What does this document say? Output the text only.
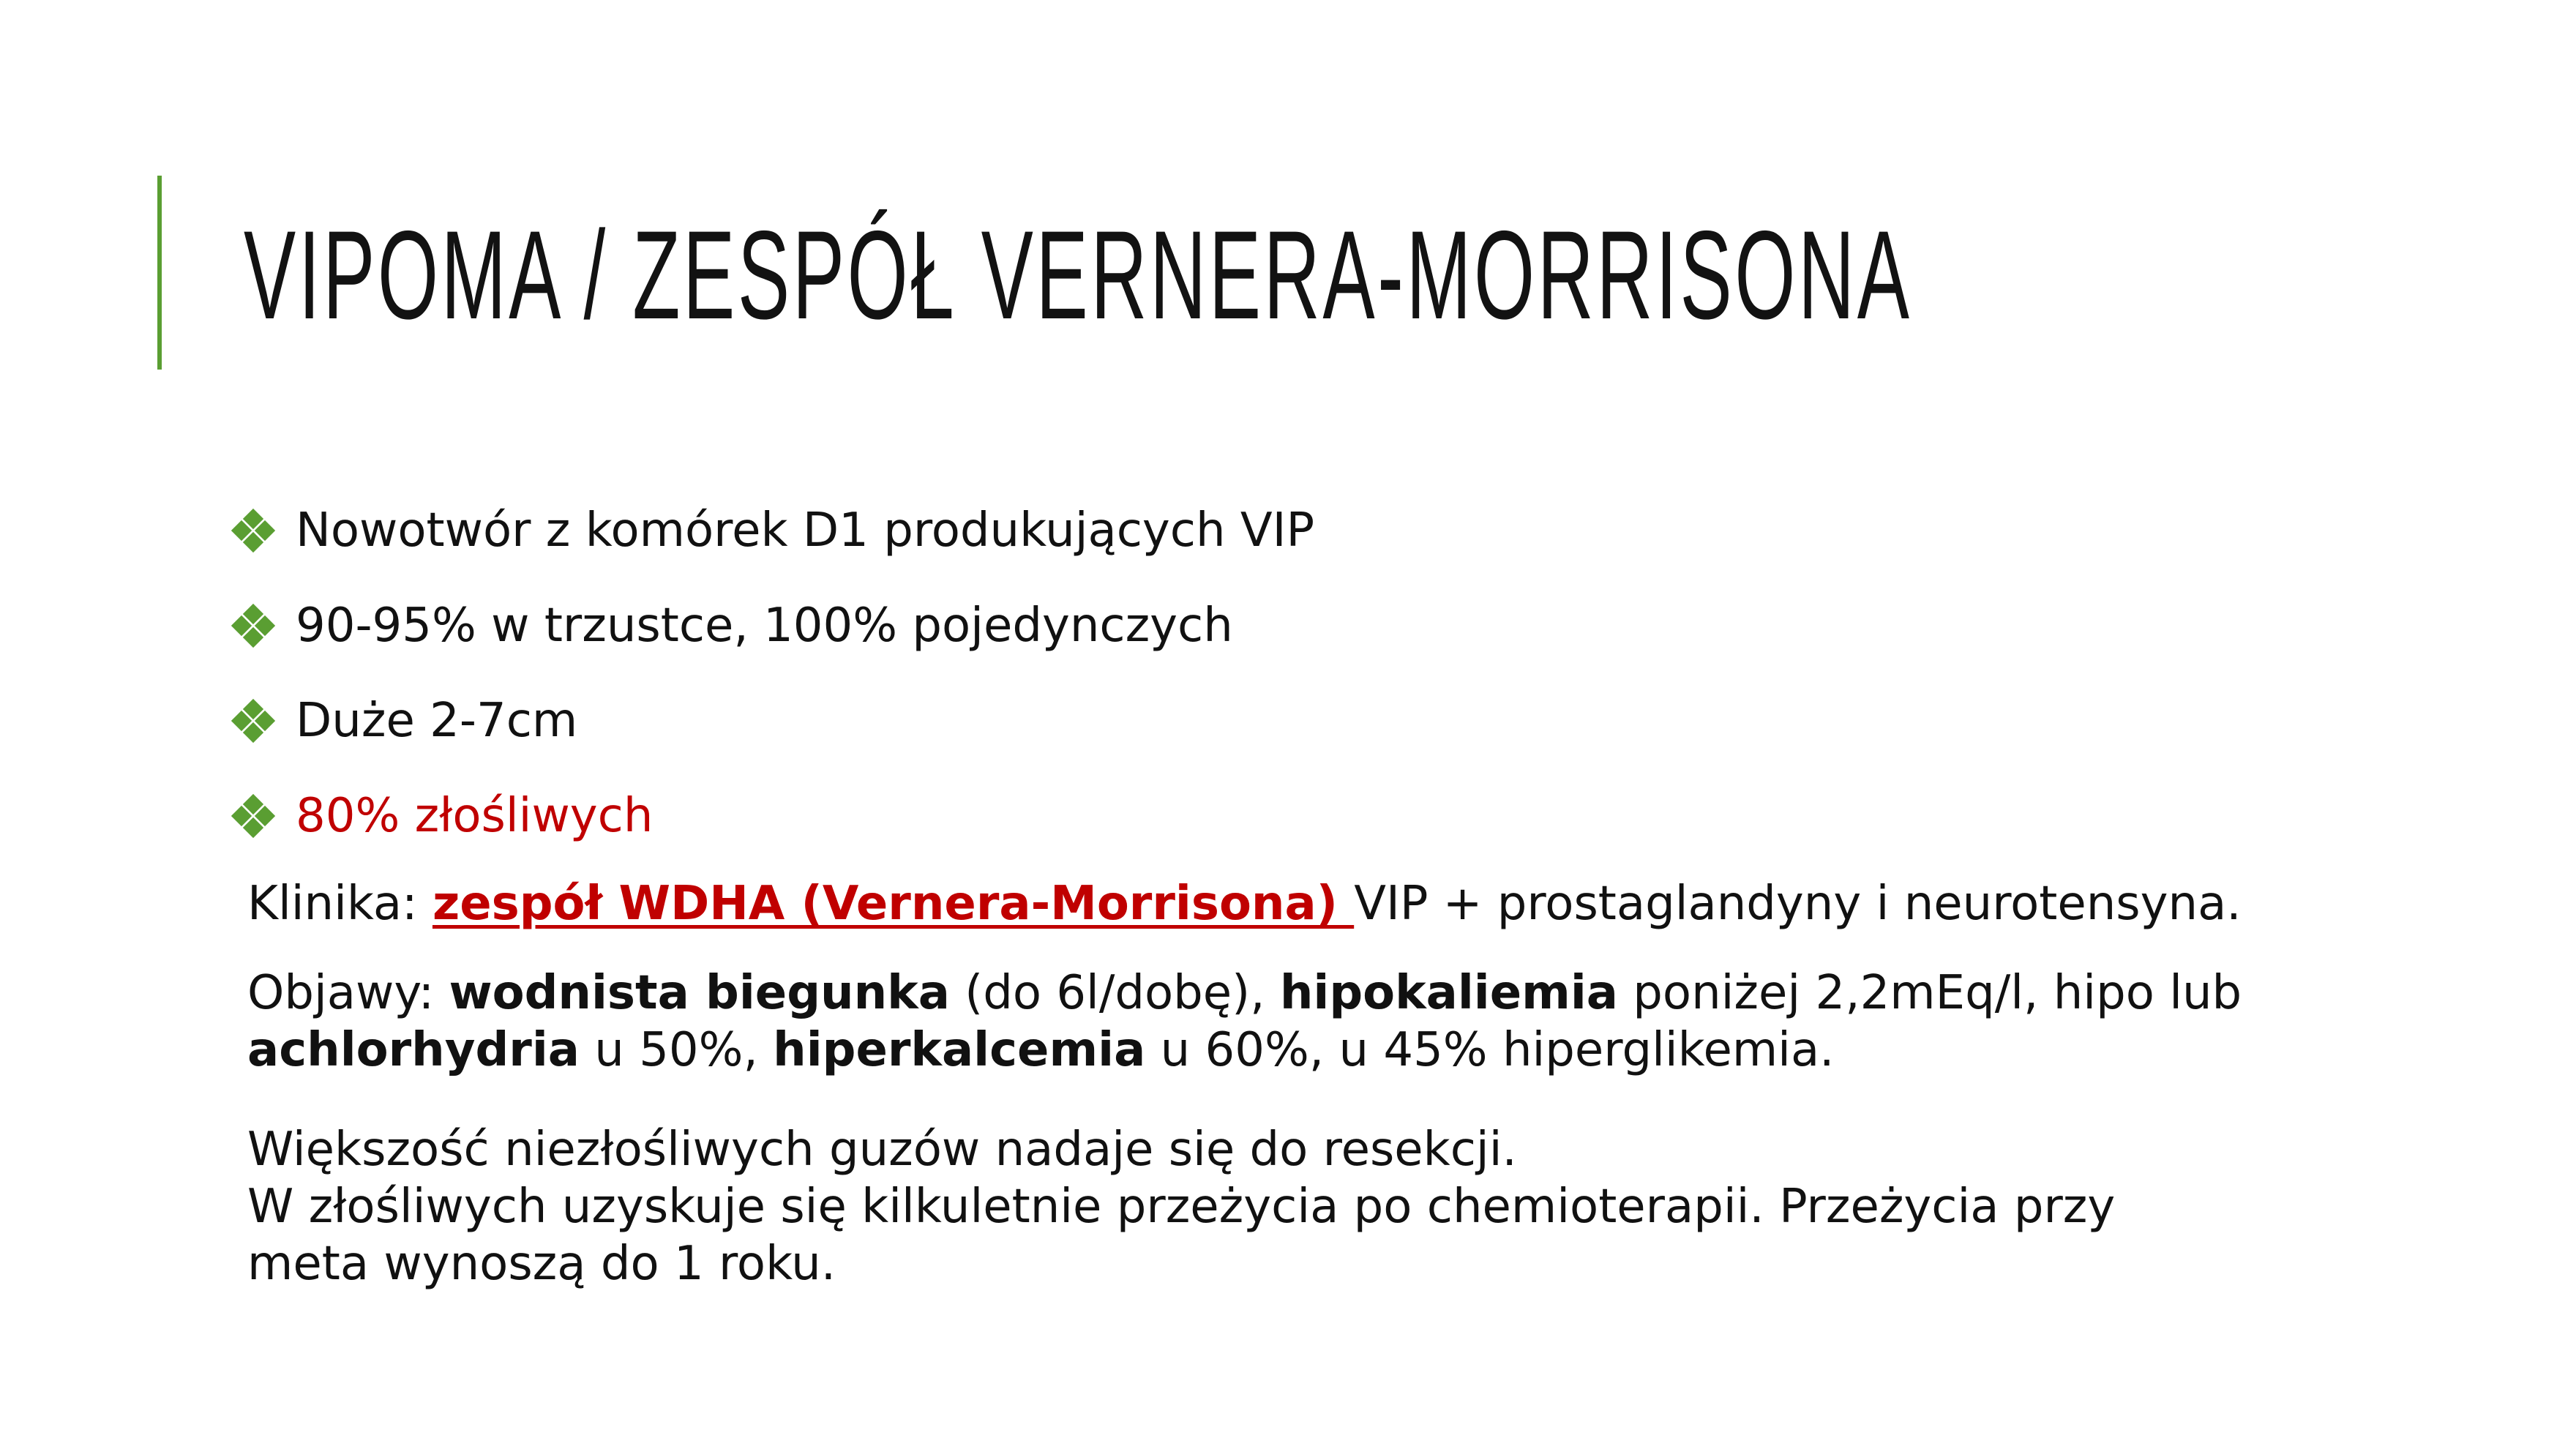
VIPOMA / ZESPÓŁ VERNERA-MORRISONA
Nowotwór z komórek D1 produkujących VIP
90-95% w trzustce, 100% pojedynczych
Duże 2-7cm
80% złośliwych

Klinika: zespół WDHA (Vernera-Morrisona) VIP + prostaglandyny i neurotensyna.

Objawy: wodnista biegunka (do 6l/dobę), hipokaliemia poniżej 2,2mEq/l, hipo lub
achlorhydria u 50%, hiperkalcemia u 60%, u 45% hiperglikemia.

Większość niezłośliwych guzów nadaje się do resekcji.
W złośliwych uzyskuje się kilkuletnie przeżycia po chemioterapii. Przeżycia przy
meta wynoszą do 1 roku.
